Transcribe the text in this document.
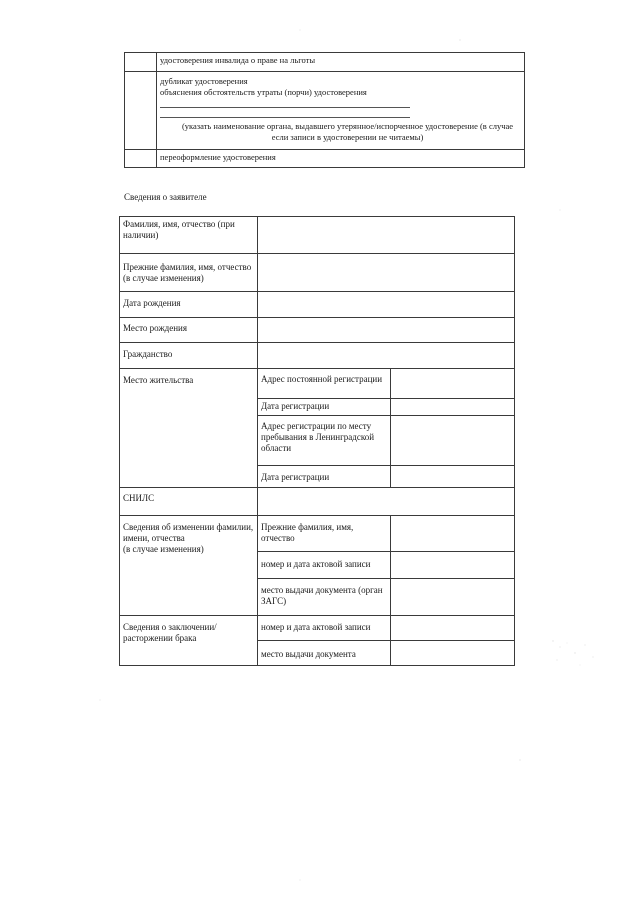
	удостоверения инвалида о праве на льготы
	дубликат удостоверения
объяснения обстоятельств утраты (порчи) удостоверения
(указать наименование органа, выдавшего утерянное/испорченное удостоверение (в случае если записи в удостоверении не читаемы)

	переоформление удостоверения
Сведения о заявителе
Фамилия, имя, отчество (при наличии)		
Прежние фамилия, имя, отчество (в случае изменения)		
Дата рождения		
Место рождения		
Гражданство		
Место жительства	Адрес постоянной регистрации	
	Дата регистрации	
	Адрес регистрации по месту пребывания в Ленинградской области	
	Дата регистрации	
СНИЛС		
Сведения об изменении фамилии, имени, отчества
(в случае изменения)	Прежние фамилия, имя, отчество	
	номер и дата актовой записи	
	место выдачи документа (орган ЗАГС)	
Сведения о заключении/расторжении брака	номер и дата актовой записи	
	место выдачи документа	
